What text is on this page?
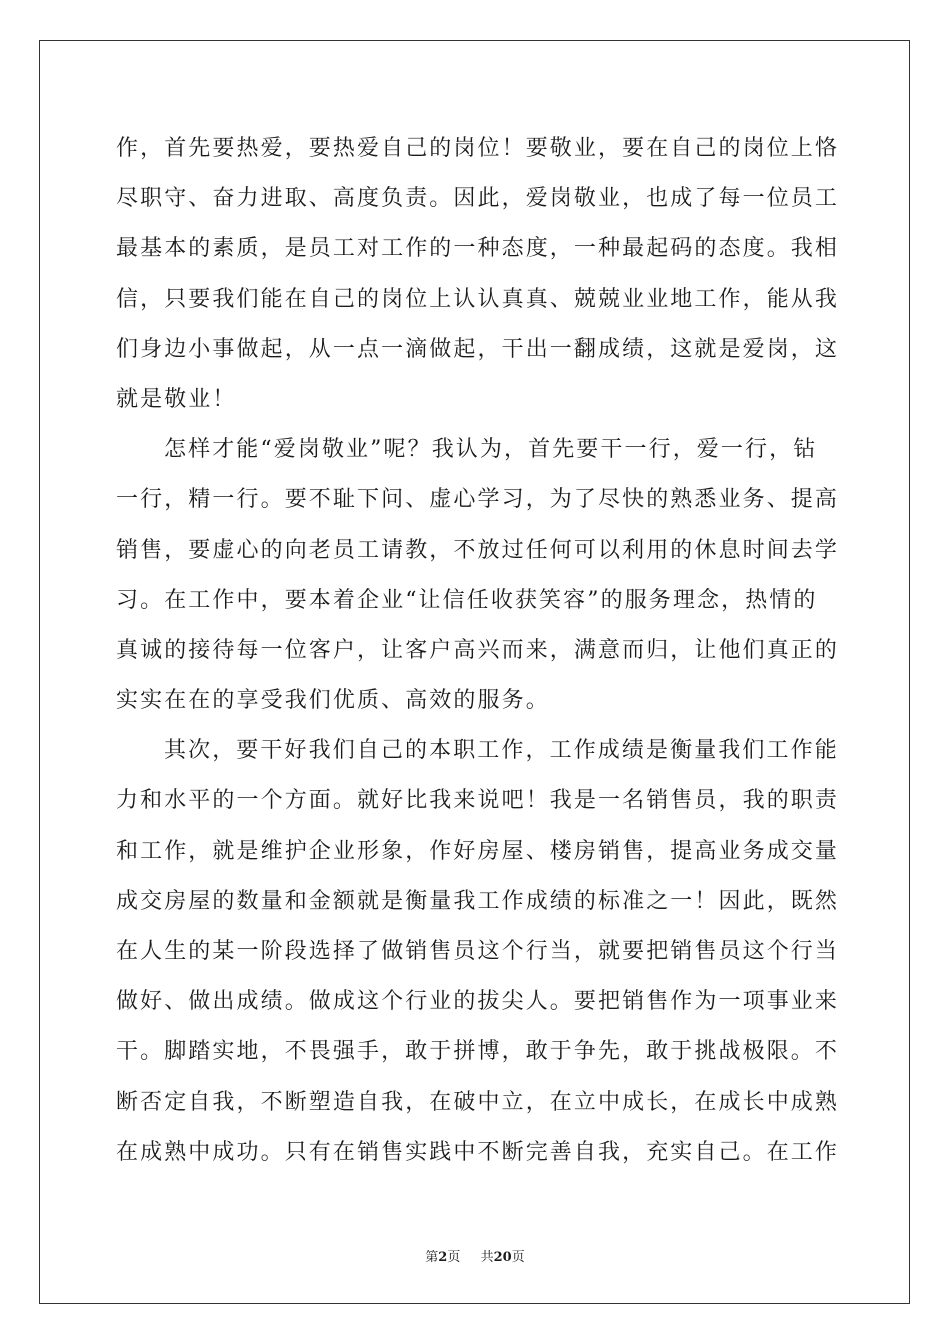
作，首先要热爱，要热爱自己的岗位！要敬业，要在自己的岗位上恪
尽职守、奋力进取、高度负责。因此，爱岗敬业，也成了每一位员工
最基本的素质，是员工对工作的一种态度，一种最起码的态度。我相
信，只要我们能在自己的岗位上认认真真、兢兢业业地工作，能从我
们身边小事做起，从一点一滴做起，干出一翻成绩，这就是爱岗，这
就是敬业！
怎样才能“爱岗敬业”呢？我认为，首先要干一行，爱一行，钻
一行，精一行。要不耻下问、虚心学习，为了尽快的熟悉业务、提高
销售，要虚心的向老员工请教，不放过任何可以利用的休息时间去学
习。在工作中，要本着企业“让信任收获笑容”的服务理念，热情的
真诚的接待每一位客户，让客户高兴而来，满意而归，让他们真正的
实实在在的享受我们优质、高效的服务。
其次，要干好我们自己的本职工作，工作成绩是衡量我们工作能
力和水平的一个方面。就好比我来说吧！我是一名销售员，我的职责
和工作，就是维护企业形象，作好房屋、楼房销售，提高业务成交量
成交房屋的数量和金额就是衡量我工作成绩的标准之一！因此，既然
在人生的某一阶段选择了做销售员这个行当，就要把销售员这个行当
做好、做出成绩。做成这个行业的拔尖人。要把销售作为一项事业来
干。脚踏实地，不畏强手，敢于拼博，敢于争先，敢于挑战极限。不
断否定自我，不断塑造自我，在破中立，在立中成长，在成长中成熟
在成熟中成功。只有在销售实践中不断完善自我，充实自己。在工作
第2页 共20页
